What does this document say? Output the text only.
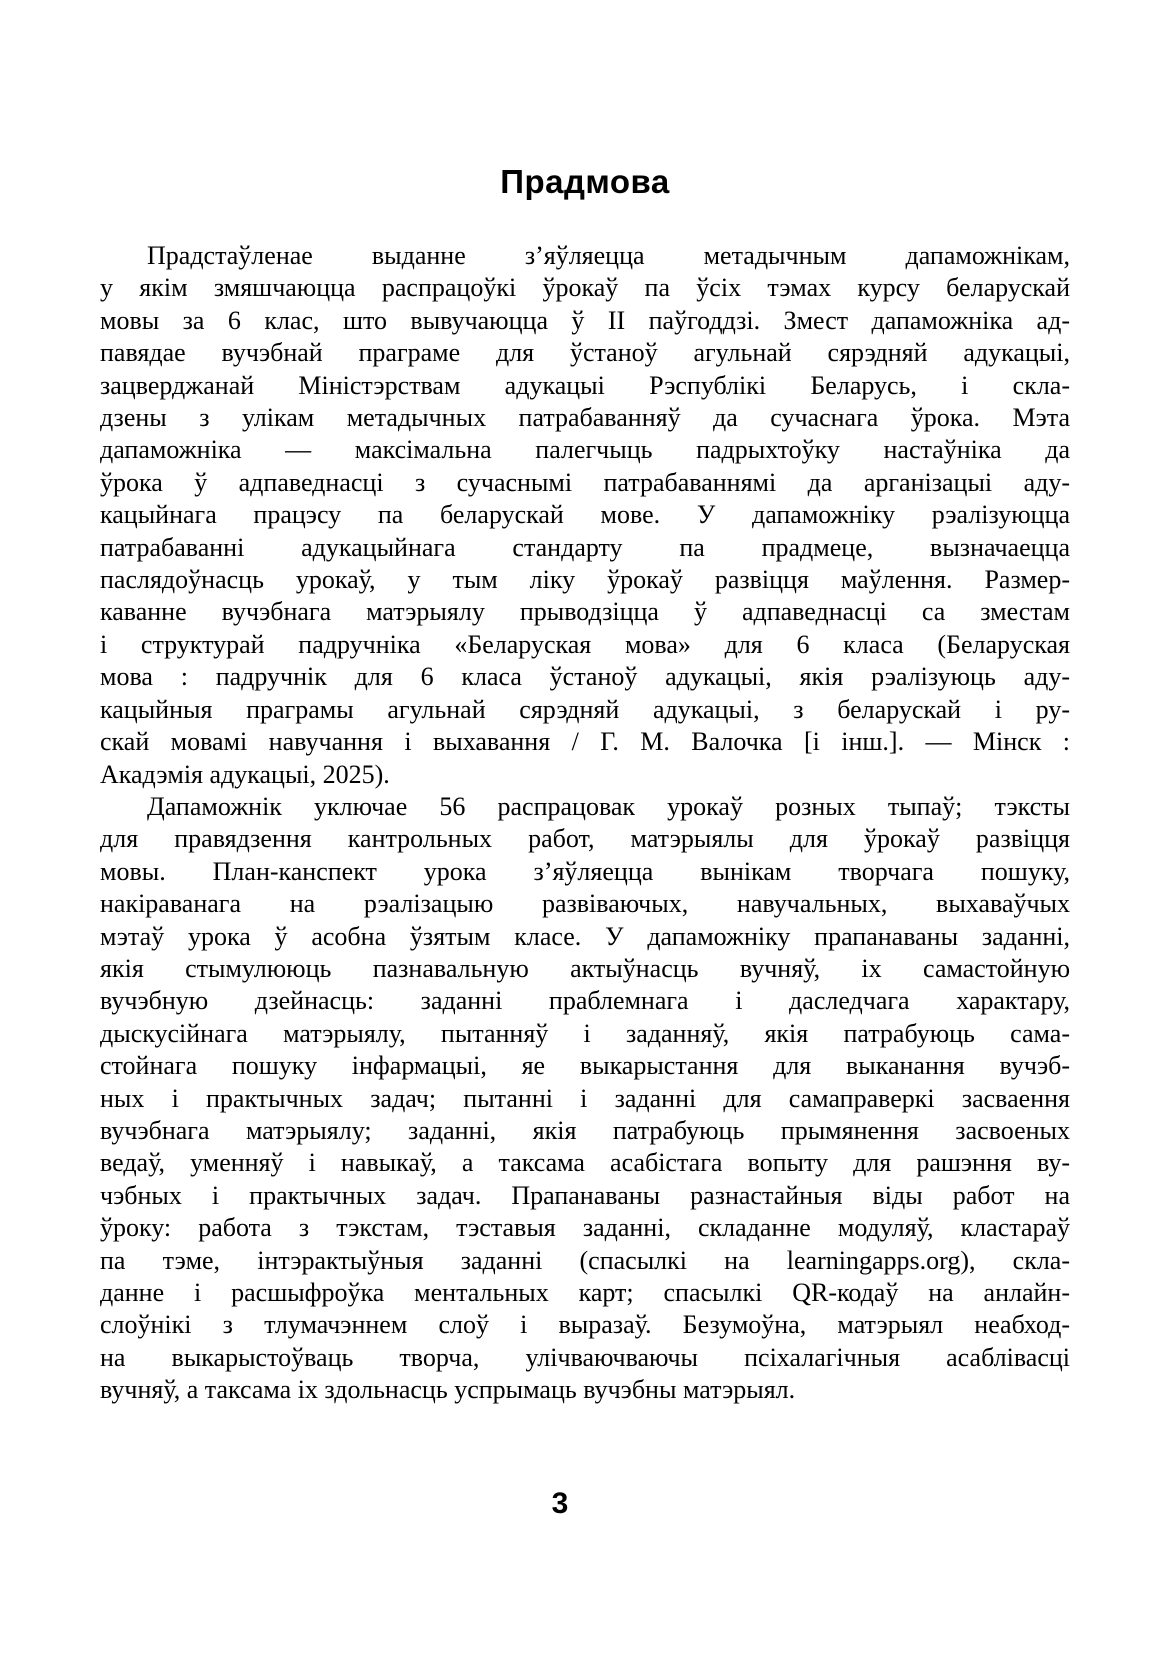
Прадмова
Прадстаўленае выданне з’яўляецца метадычным дапаможнікам,
у якім змяшчаюцца распрацоўкі ўрокаў па ўсіх тэмах курсу беларускай
мовы за 6 клас, што вывучаюцца ў II паўгоддзі. Змест дапаможніка ад-
павядае вучэбнай праграме для ўстаноў агульнай сярэдняй адукацыі,
зацверджанай Міністэрствам адукацыі Рэспублікі Беларусь, і скла-
дзены з улікам метадычных патрабаванняў да сучаснага ўрока. Мэта
дапаможніка — максімальна палегчыць падрыхтоўку настаўніка да
ўрока ў адпаведнасці з сучаснымі патрабаваннямі да арганізацыі аду-
кацыйнага працэсу па беларускай мове. У дапаможніку рэалізуюцца
патрабаванні адукацыйнага стандарту па прадмеце, вызначаецца
паслядоўнасць урокаў, у тым ліку ўрокаў развіцця маўлення. Размер-
каванне вучэбнага матэрыялу прыводзіцца ў адпаведнасці са зместам
і структурай падручніка «Беларуская мова» для 6 класа (Беларуская
мова : падручнік для 6 класа ўстаноў адукацыі, якія рэалізуюць аду-
кацыйныя праграмы агульнай сярэдняй адукацыі, з беларускай і ру-
скай мовамі навучання і выхавання / Г. М. Валочка [і інш.]. — Мінск :
Акадэмія адукацыі, 2025).
Дапаможнік уключае 56 распрацовак урокаў розных тыпаў; тэксты
для правядзення кантрольных работ, матэрыялы для ўрокаў развіцця
мовы. План-канспект урока з’яўляецца вынікам творчага пошуку,
накіраванага на рэалізацыю развіваючых, навучальных, выхаваўчых
мэтаў урока ў асобна ўзятым класе. У дапаможніку прапанаваны заданні,
якія стымулююць пазнавальную актыўнасць вучняў, іх самастойную
вучэбную дзейнасць: заданні праблемнага і даследчага характару,
дыскусійнага матэрыялу, пытанняў і заданняў, якія патрабуюць сама-
стойнага пошуку інфармацыі, яе выкарыстання для выканання вучэб-
ных і практычных задач; пытанні і заданні для самаправеркі засваення
вучэбнага матэрыялу; заданні, якія патрабуюць прымянення засвоеных
ведаў, уменняў і навыкаў, а таксама асабістага вопыту для рашэння ву-
чэбных і практычных задач. Прапанаваны разнастайныя віды работ на
ўроку: работа з тэкстам, тэставыя заданні, складанне модуляў, кластараў
па тэме, інтэрактыўныя заданні (спасылкі на learningapps.org), скла-
данне і расшыфроўка ментальных карт; спасылкі QR-кодаў на анлайн-
слоўнікі з тлумачэннем слоў і выразаў. Безумоўна, матэрыял неабход-
на выкарыстоўваць творча, улічваючваючы псіхалагічныя асаблівасці
вучняў, а таксама іх здольнасць успрымаць вучэбны матэрыял.
3
